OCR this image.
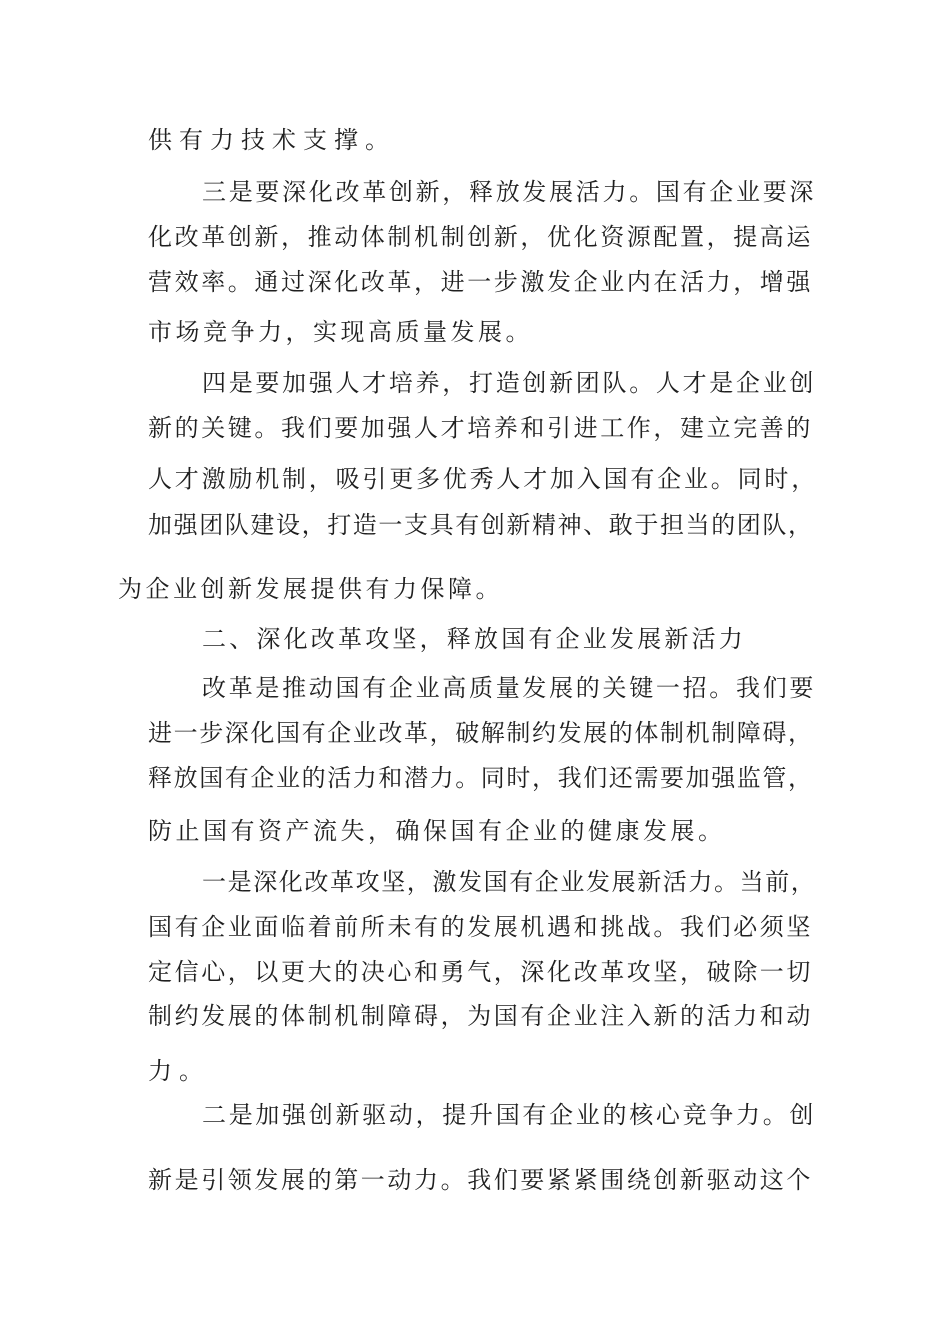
供有力技术支撑。

三是要深化改革创新，释放发展活力。国有企业要深

化改革创新，推动体制机制创新，优化资源配置，提高运

营效率。通过深化改革，进一步激发企业内在活力，增强

市场竞争力，实现高质量发展。

四是要加强人才培养，打造创新团队。人才是企业创

新的关键。我们要加强人才培养和引进工作，建立完善的

人才激励机制，吸引更多优秀人才加入国有企业。同时，

加强团队建设，打造一支具有创新精神、敢于担当的团队，

为企业创新发展提供有力保障。

二、深化改革攻坚，释放国有企业发展新活力

改革是推动国有企业高质量发展的关键一招。我们要

进一步深化国有企业改革，破解制约发展的体制机制障碍，

释放国有企业的活力和潜力。同时，我们还需要加强监管，

防止国有资产流失，确保国有企业的健康发展。

一是深化改革攻坚，激发国有企业发展新活力。当前，

国有企业面临着前所未有的发展机遇和挑战。我们必须坚

定信心，以更大的决心和勇气，深化改革攻坚，破除一切

制约发展的体制机制障碍，为国有企业注入新的活力和动

力。

二是加强创新驱动，提升国有企业的核心竞争力。创

新是引领发展的第一动力。我们要紧紧围绕创新驱动这个
